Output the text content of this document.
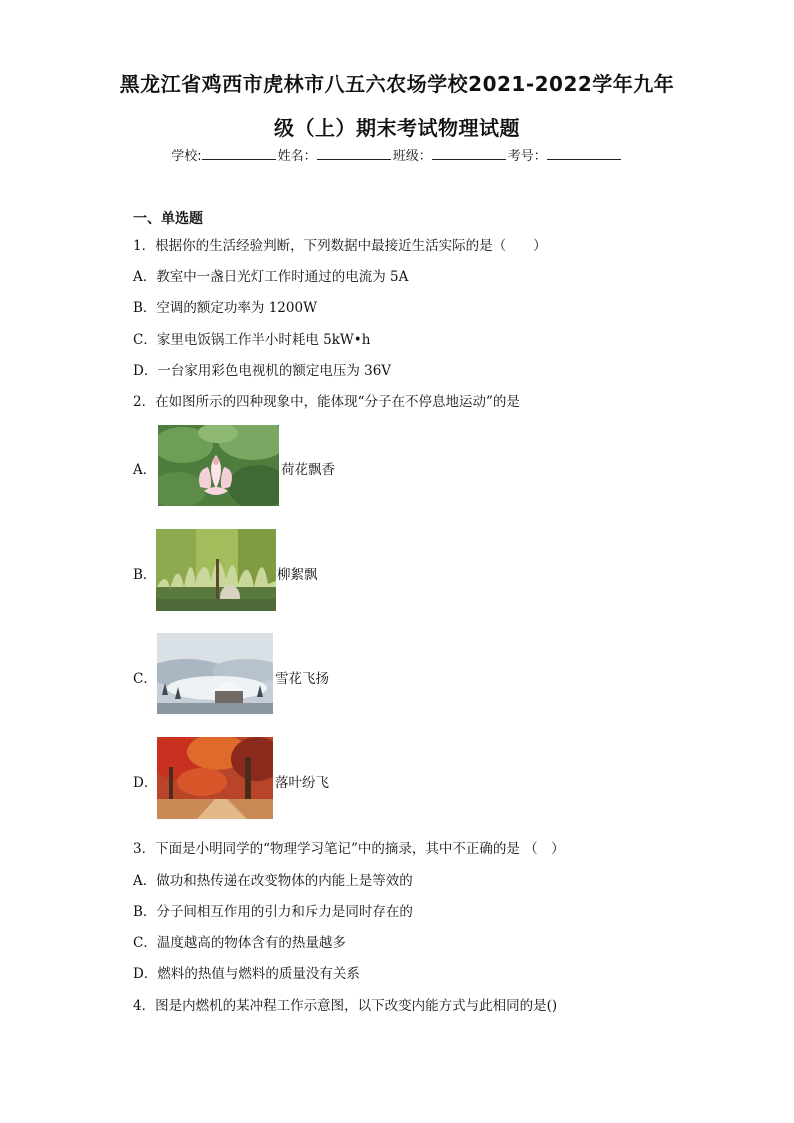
黑龙江省鸡西市虎林市八五六农场学校2021-2022学年九年
级（上）期末考试物理试题
学校:	姓名：	班级：	考号：
一、单选题
1．根据你的生活经验判断，下列数据中最接近生活实际的是（　　）
A．教室中一盏日光灯工作时通过的电流为 5A
B．空调的额定功率为 1200W
C．家里电饭锅工作半小时耗电 5kW•h
D．一台家用彩色电视机的额定电压为 36V
2．在如图所示的四种现象中，能体现“分子在不停息地运动”的是
A．	荷花飘香
B．	柳絮飘
C．	雪花飞扬
D．	落叶纷飞
3．下面是小明同学的“物理学习笔记”中的摘录，其中不正确的是 （　）
A．做功和热传递在改变物体的内能上是等效的
B．分子间相互作用的引力和斥力是同时存在的
C．温度越高的物体含有的热量越多
D．燃料的热值与燃料的质量没有关系
4．图是内燃机的某冲程工作示意图，以下改变内能方式与此相同的是()
